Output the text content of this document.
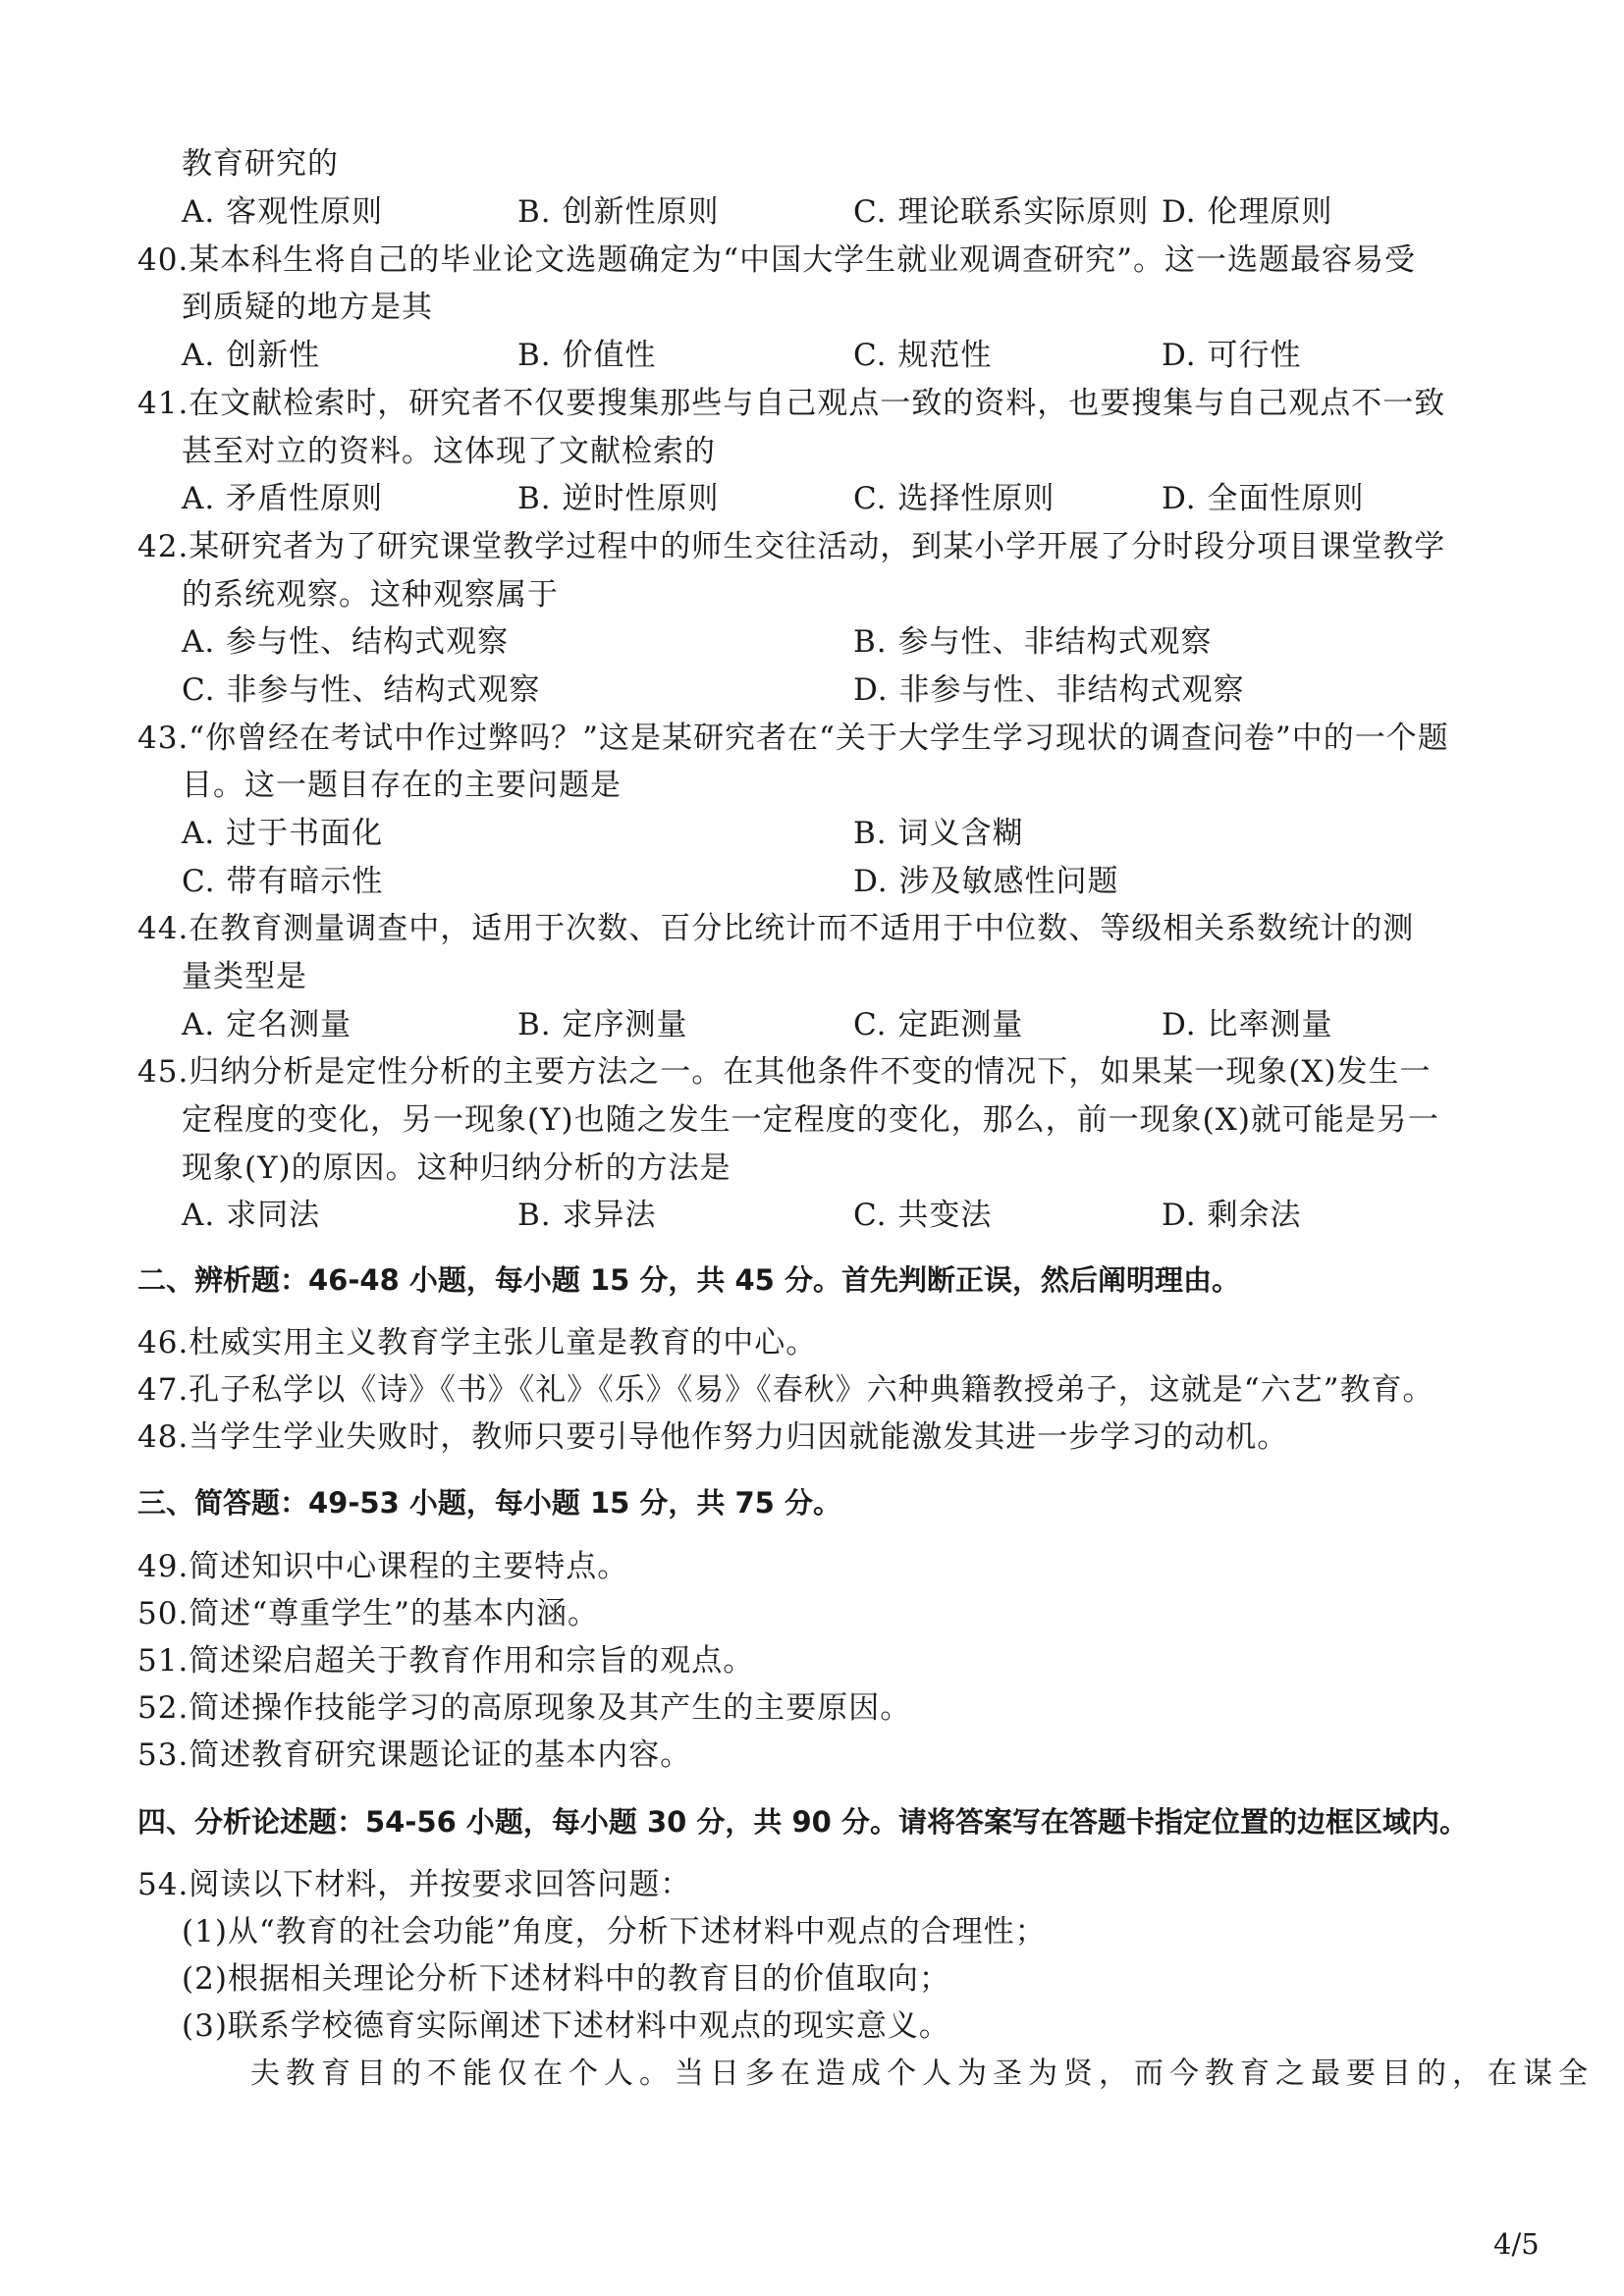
教育研究的
A. 客观性原则	B. 创新性原则	C. 理论联系实际原则 D. 伦理原则
40.某本科生将自己的毕业论文选题确定为“中国大学生就业观调查研究”。这一选题最容易受
到质疑的地方是其
A. 创新性	B. 价值性	C. 规范性	D. 可行性
41.在文献检索时，研究者不仅要搜集那些与自己观点一致的资料，也要搜集与自己观点不一致
甚至对立的资料。这体现了文献检索的
A. 矛盾性原则	B. 逆时性原则	C. 选择性原则	D. 全面性原则
42.某研究者为了研究课堂教学过程中的师生交往活动，到某小学开展了分时段分项目课堂教学
的系统观察。这种观察属于
A. 参与性、结构式观察	B. 参与性、非结构式观察
C. 非参与性、结构式观察	D. 非参与性、非结构式观察
43.“你曾经在考试中作过弊吗？”这是某研究者在“关于大学生学习现状的调查问卷”中的一个题
目。这一题目存在的主要问题是
A. 过于书面化	B. 词义含糊
C. 带有暗示性	D. 涉及敏感性问题
44.在教育测量调查中，适用于次数、百分比统计而不适用于中位数、等级相关系数统计的测
量类型是
A. 定名测量	B. 定序测量	C. 定距测量	D. 比率测量
45.归纳分析是定性分析的主要方法之一。在其他条件不变的情况下，如果某一现象(X)发生一
定程度的变化，另一现象(Y)也随之发生一定程度的变化，那么，前一现象(X)就可能是另一
现象(Y)的原因。这种归纳分析的方法是
A. 求同法	B. 求异法	C. 共变法	D. 剩余法
二、辨析题：46-48 小题，每小题 15 分，共 45 分。首先判断正误，然后阐明理由。
46.杜威实用主义教育学主张儿童是教育的中心。
47.孔子私学以《诗》《书》《礼》《乐》《易》《春秋》六种典籍教授弟子，这就是“六艺”教育。
48.当学生学业失败时，教师只要引导他作努力归因就能激发其进一步学习的动机。
三、简答题：49-53 小题，每小题 15 分，共 75 分。
49.简述知识中心课程的主要特点。
50.简述“尊重学生”的基本内涵。
51.简述梁启超关于教育作用和宗旨的观点。
52.简述操作技能学习的高原现象及其产生的主要原因。
53.简述教育研究课题论证的基本内容。
四、分析论述题：54-56 小题，每小题 30 分，共 90 分。请将答案写在答题卡指定位置的边框区域内。
54.阅读以下材料，并按要求回答问题：
(1)从“教育的社会功能”角度，分析下述材料中观点的合理性；
(2)根据相关理论分析下述材料中的教育目的价值取向；
(3)联系学校德育实际阐述下述材料中观点的现实意义。
夫教育目的不能仅在个人。当日多在造成个人为圣为贤，而今教育之最要目的，在谋全
4/5
